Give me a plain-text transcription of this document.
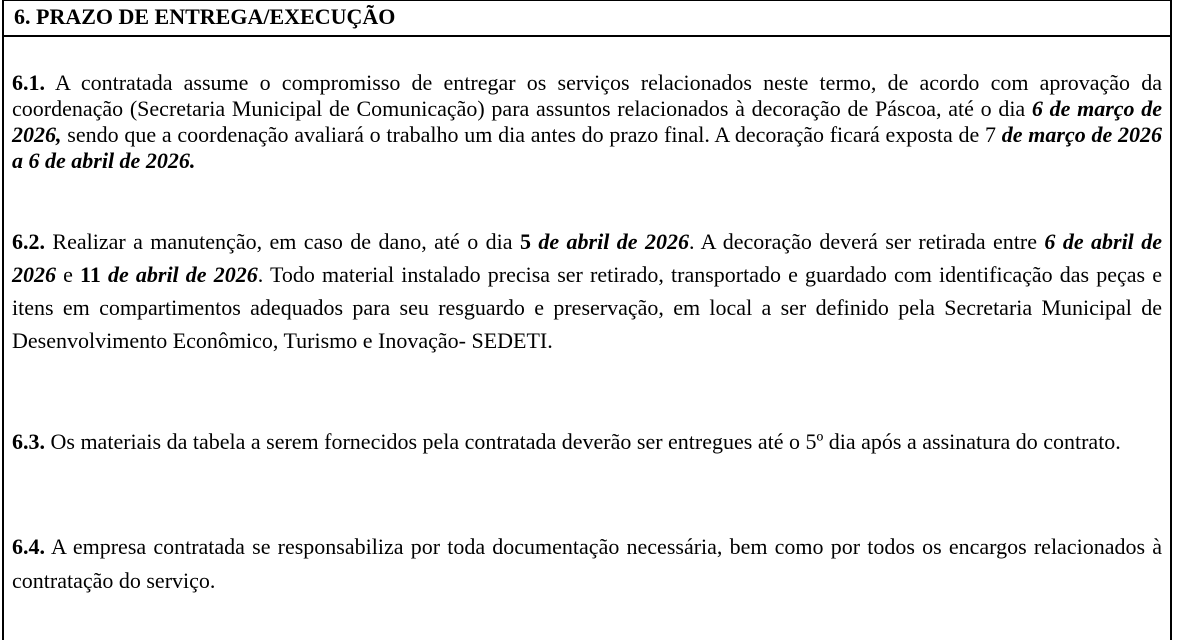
6. PRAZO DE ENTREGA/EXECUÇÃO

6.1. A contratada assume o compromisso de entregar os serviços relacionados neste termo, de acordo com aprovação da coordenação (Secretaria Municipal de Comunicação) para assuntos relacionados à decoração de Páscoa, até o dia 6 de março de 2026, sendo que a coordenação avaliará o trabalho um dia antes do prazo final. A decoração ficará exposta de 7 de março de 2026 a 6 de abril de 2026.

6.2. Realizar a manutenção, em caso de dano, até o dia 5 de abril de 2026. A decoração deverá ser retirada entre 6 de abril de 2026 e 11 de abril de 2026. Todo material instalado precisa ser retirado, transportado e guardado com identificação das peças e itens em compartimentos adequados para seu resguardo e preservação, em local a ser definido pela Secretaria Municipal de Desenvolvimento Econômico, Turismo e Inovação- SEDETI.

6.3. Os materiais da tabela a serem fornecidos pela contratada deverão ser entregues até o 5º dia após a assinatura do contrato.

6.4. A empresa contratada se responsabiliza por toda documentação necessária, bem como por todos os encargos relacionados à contratação do serviço.
